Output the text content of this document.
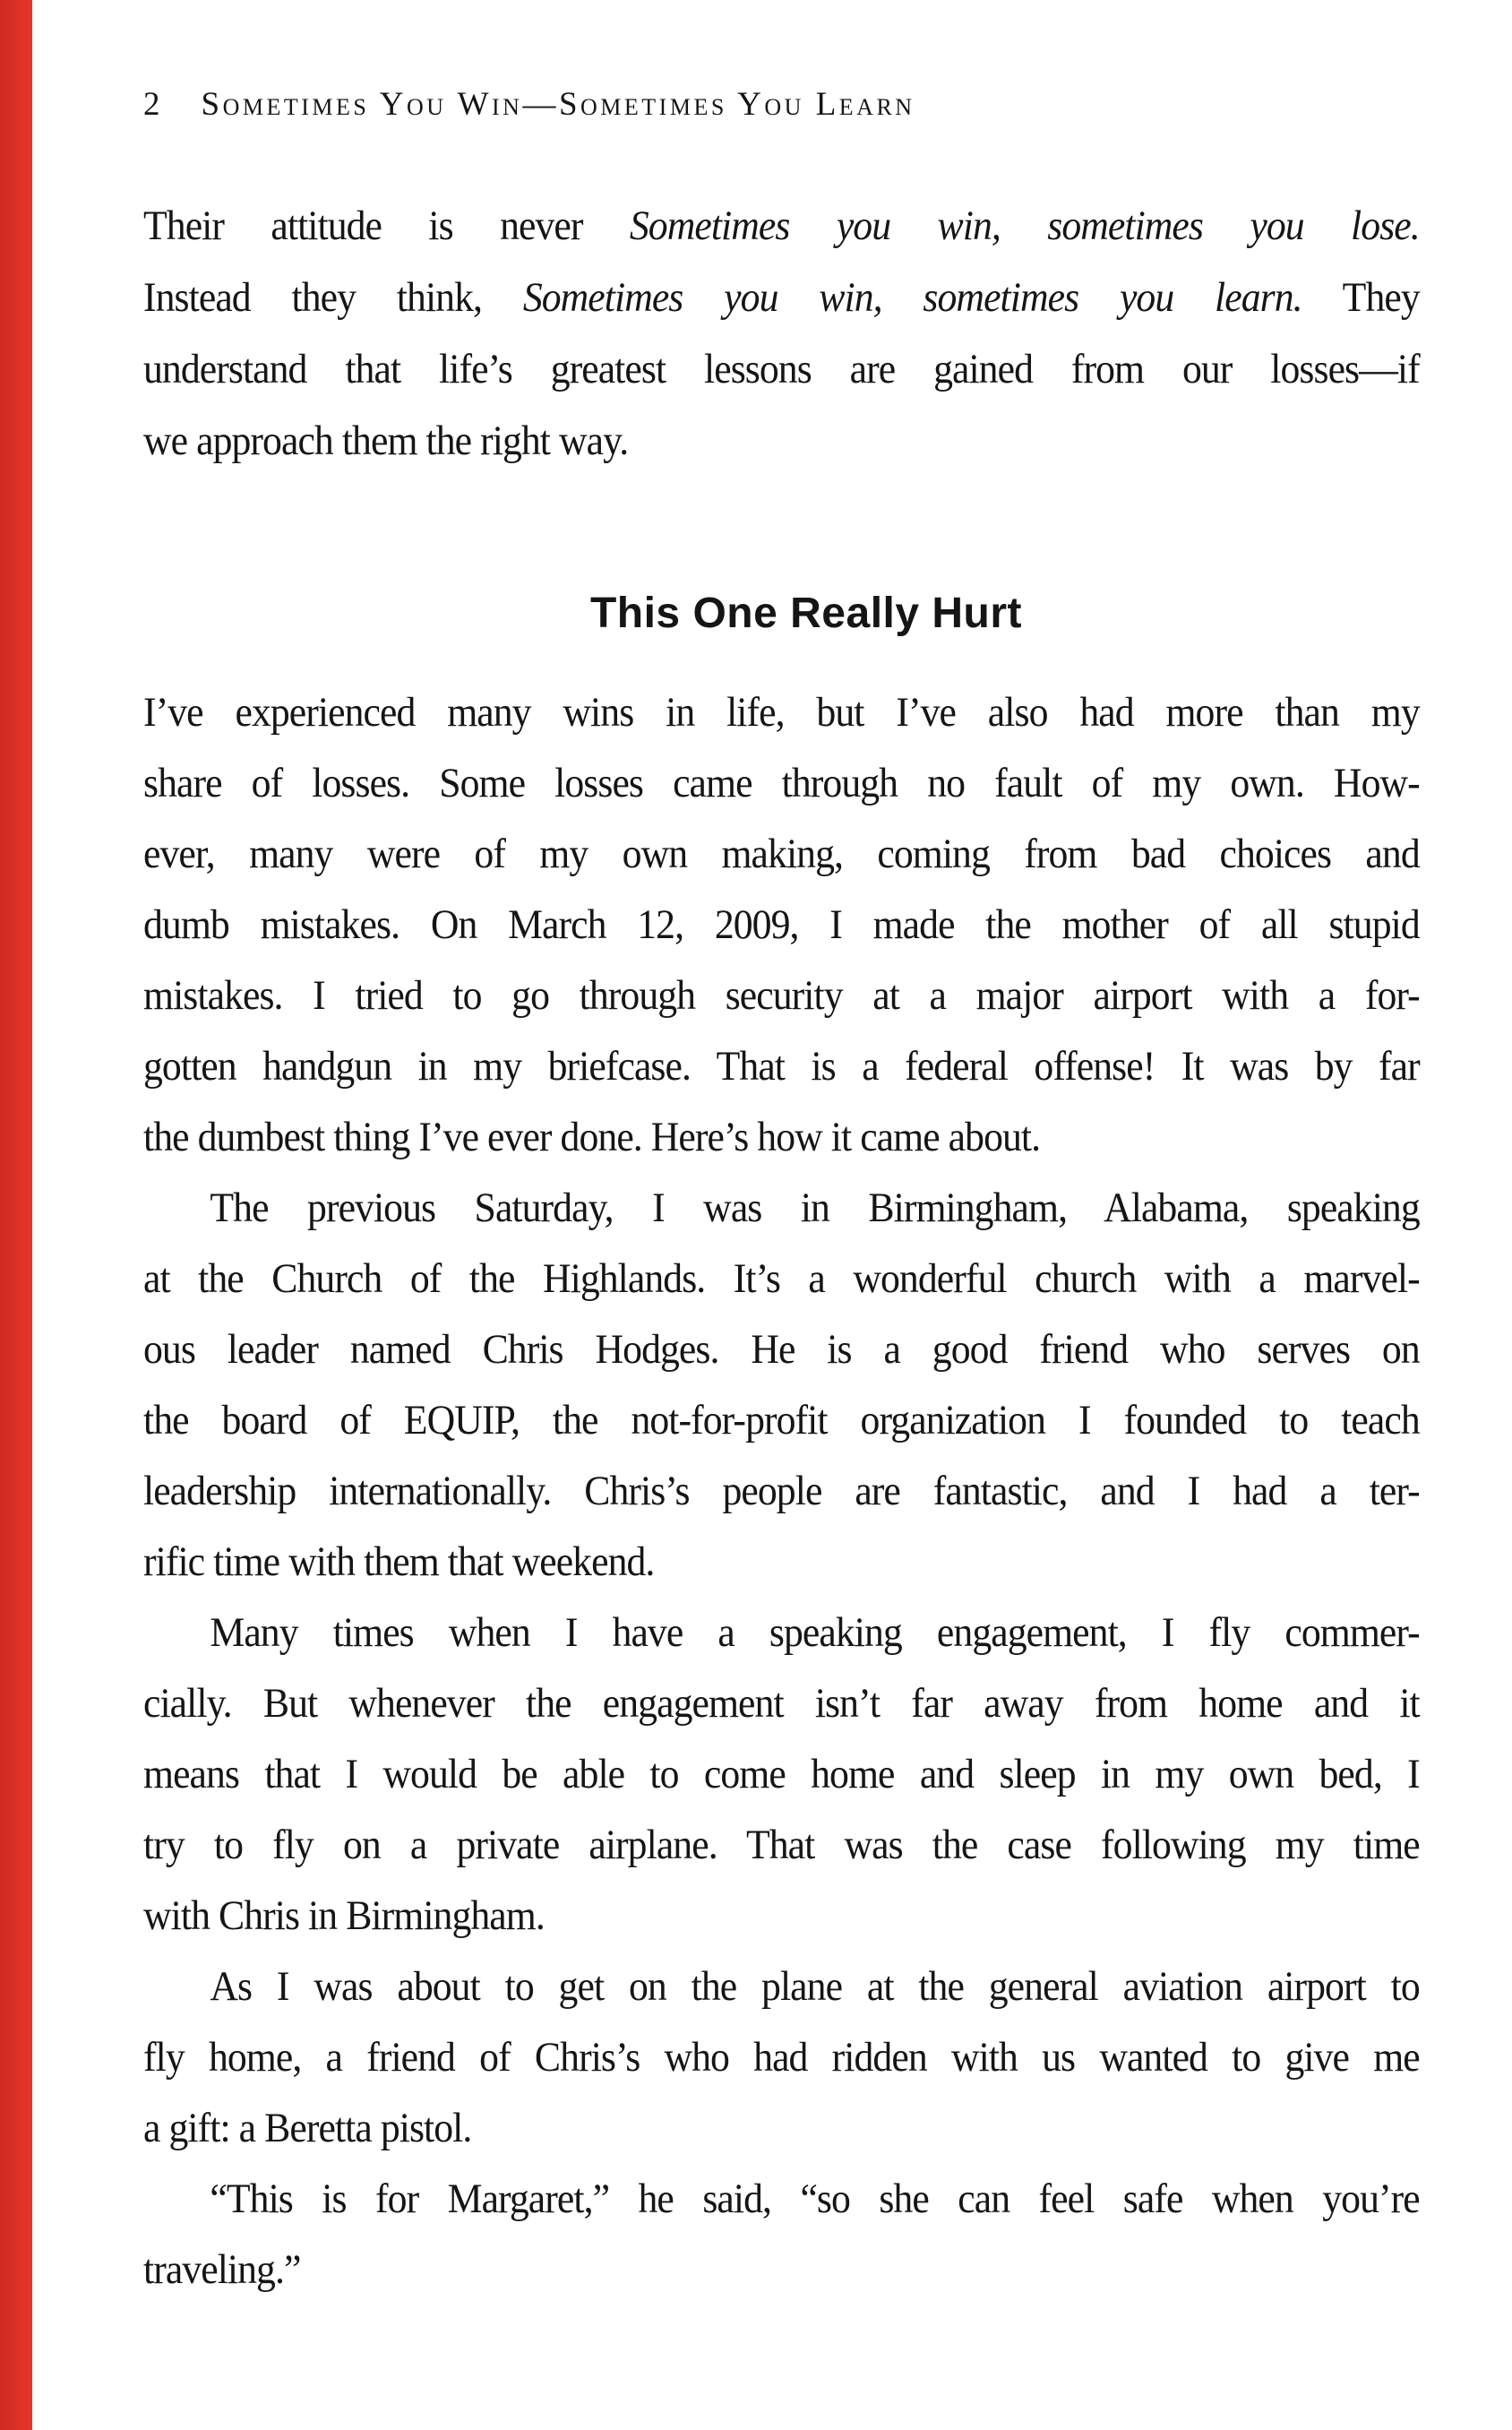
2 Sometimes You Win—Sometimes You Learn
Their attitude is never Sometimes you win, sometimes you lose.
Instead they think, Sometimes you win, sometimes you learn. They
understand that life’s greatest lessons are gained from our losses—if
we approach them the right way.
This One Really Hurt
I’ve experienced many wins in life, but I’ve also had more than my
share of losses. Some losses came through no fault of my own. How-
ever, many were of my own making, coming from bad choices and
dumb mistakes. On March 12, 2009, I made the mother of all stupid
mistakes. I tried to go through security at a major airport with a for-
gotten handgun in my briefcase. That is a federal offense! It was by far
the dumbest thing I’ve ever done. Here’s how it came about.
The previous Saturday, I was in Birmingham, Alabama, speaking
at the Church of the Highlands. It’s a wonderful church with a marvel-
ous leader named Chris Hodges. He is a good friend who serves on
the board of EQUIP, the not-for-profit organization I founded to teach
leadership internationally. Chris’s people are fantastic, and I had a ter-
rific time with them that weekend.
Many times when I have a speaking engagement, I fly commer-
cially. But whenever the engagement isn’t far away from home and it
means that I would be able to come home and sleep in my own bed, I
try to fly on a private airplane. That was the case following my time
with Chris in Birmingham.
As I was about to get on the plane at the general aviation airport to
fly home, a friend of Chris’s who had ridden with us wanted to give me
a gift: a Beretta pistol.
“This is for Margaret,” he said, “so she can feel safe when you’re
traveling.”
